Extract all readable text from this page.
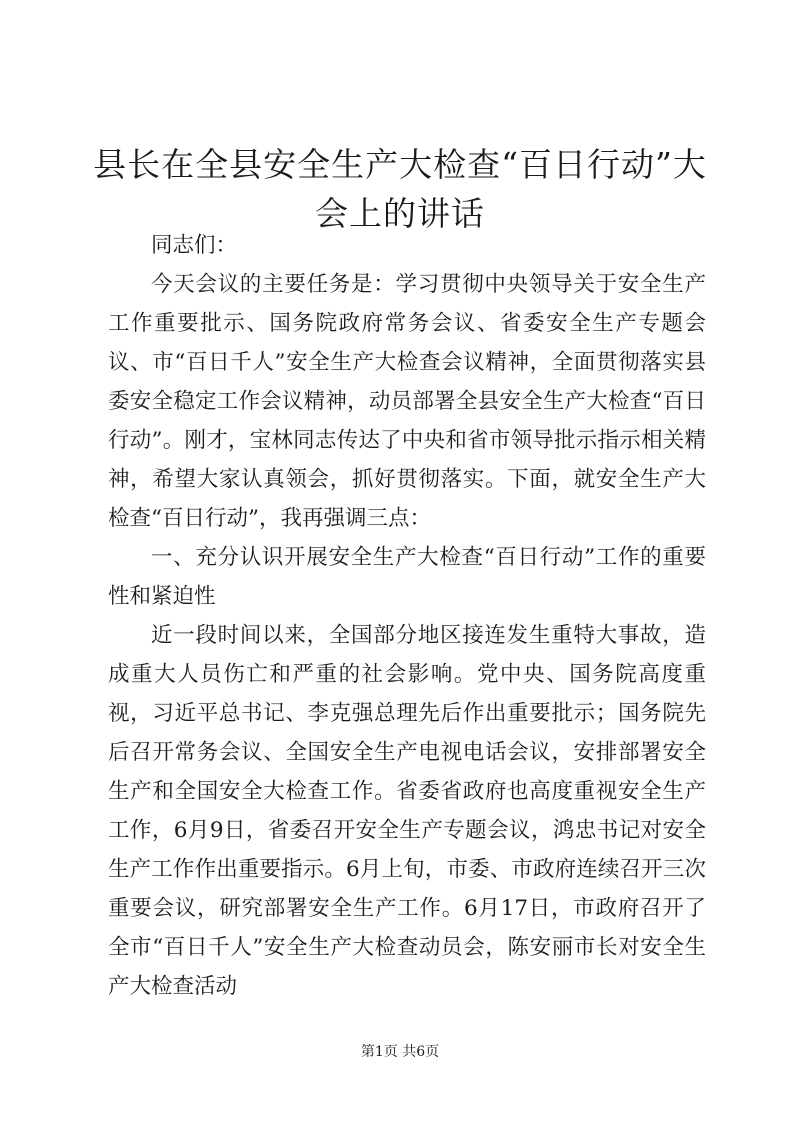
县长在全县安全生产大检查“百日行动”大会上的讲话

同志们：

今天会议的主要任务是：学习贯彻中央领导关于安全生产工作重要批示、国务院政府常务会议、省委安全生产专题会议、市“百日千人”安全生产大检查会议精神，全面贯彻落实县委安全稳定工作会议精神，动员部署全县安全生产大检查“百日行动”。刚才，宝林同志传达了中央和省市领导批示指示相关精神，希望大家认真领会，抓好贯彻落实。下面，就安全生产大检查“百日行动”，我再强调三点：

一、充分认识开展安全生产大检查“百日行动”工作的重要性和紧迫性

近一段时间以来，全国部分地区接连发生重特大事故，造成重大人员伤亡和严重的社会影响。党中央、国务院高度重视，习近平总书记、李克强总理先后作出重要批示；国务院先后召开常务会议、全国安全生产电视电话会议，安排部署安全生产和全国安全大检查工作。省委省政府也高度重视安全生产工作，6月9日，省委召开安全生产专题会议，鸿忠书记对安全生产工作作出重要指示。6月上旬，市委、市政府连续召开三次重要会议，研究部署安全生产工作。6月17日，市政府召开了全市“百日千人”安全生产大检查动员会，陈安丽市长对安全生产大检查活动

第1页 共6页
